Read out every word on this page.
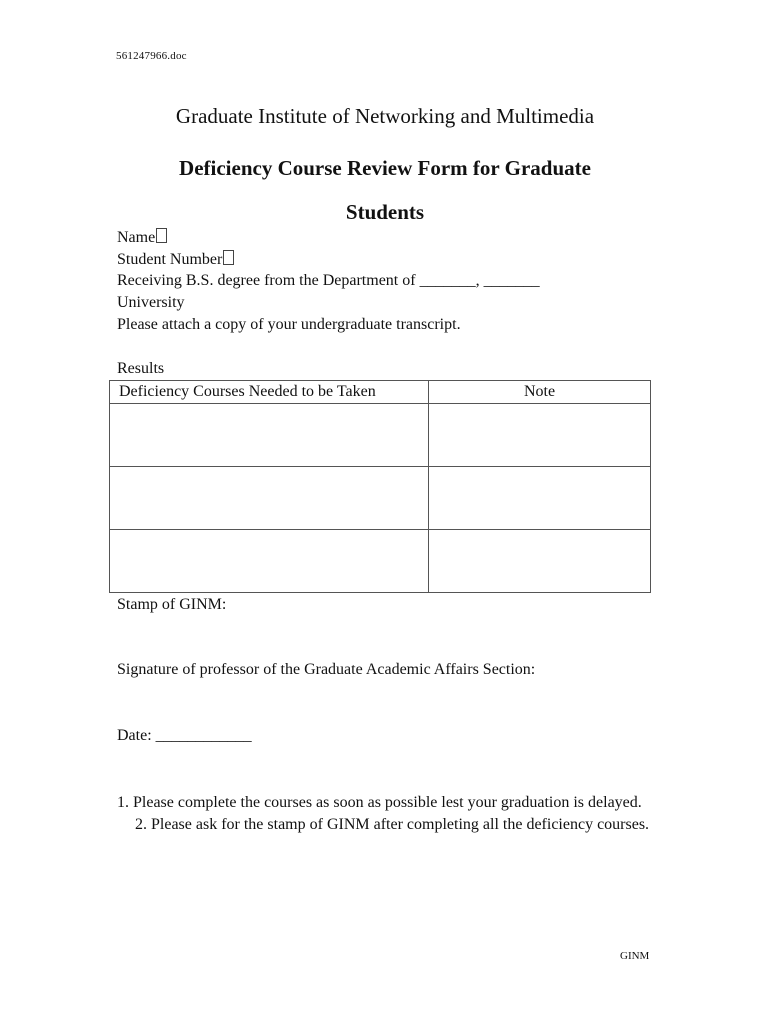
561247966.doc
Graduate Institute of Networking and Multimedia
Deficiency Course Review Form for Graduate
Students
Name
Student Number
Receiving B.S. degree from the Department of _______, _______
University
Please attach a copy of your undergraduate transcript.
Results
Deficiency Courses Needed to be Taken	Note

Stamp of GINM:
Signature of professor of the Graduate Academic Affairs Section:
Date: ____________
1. Please complete the courses as soon as possible lest your graduation is delayed.
2. Please ask for the stamp of GINM after completing all the deficiency courses.
GINM
